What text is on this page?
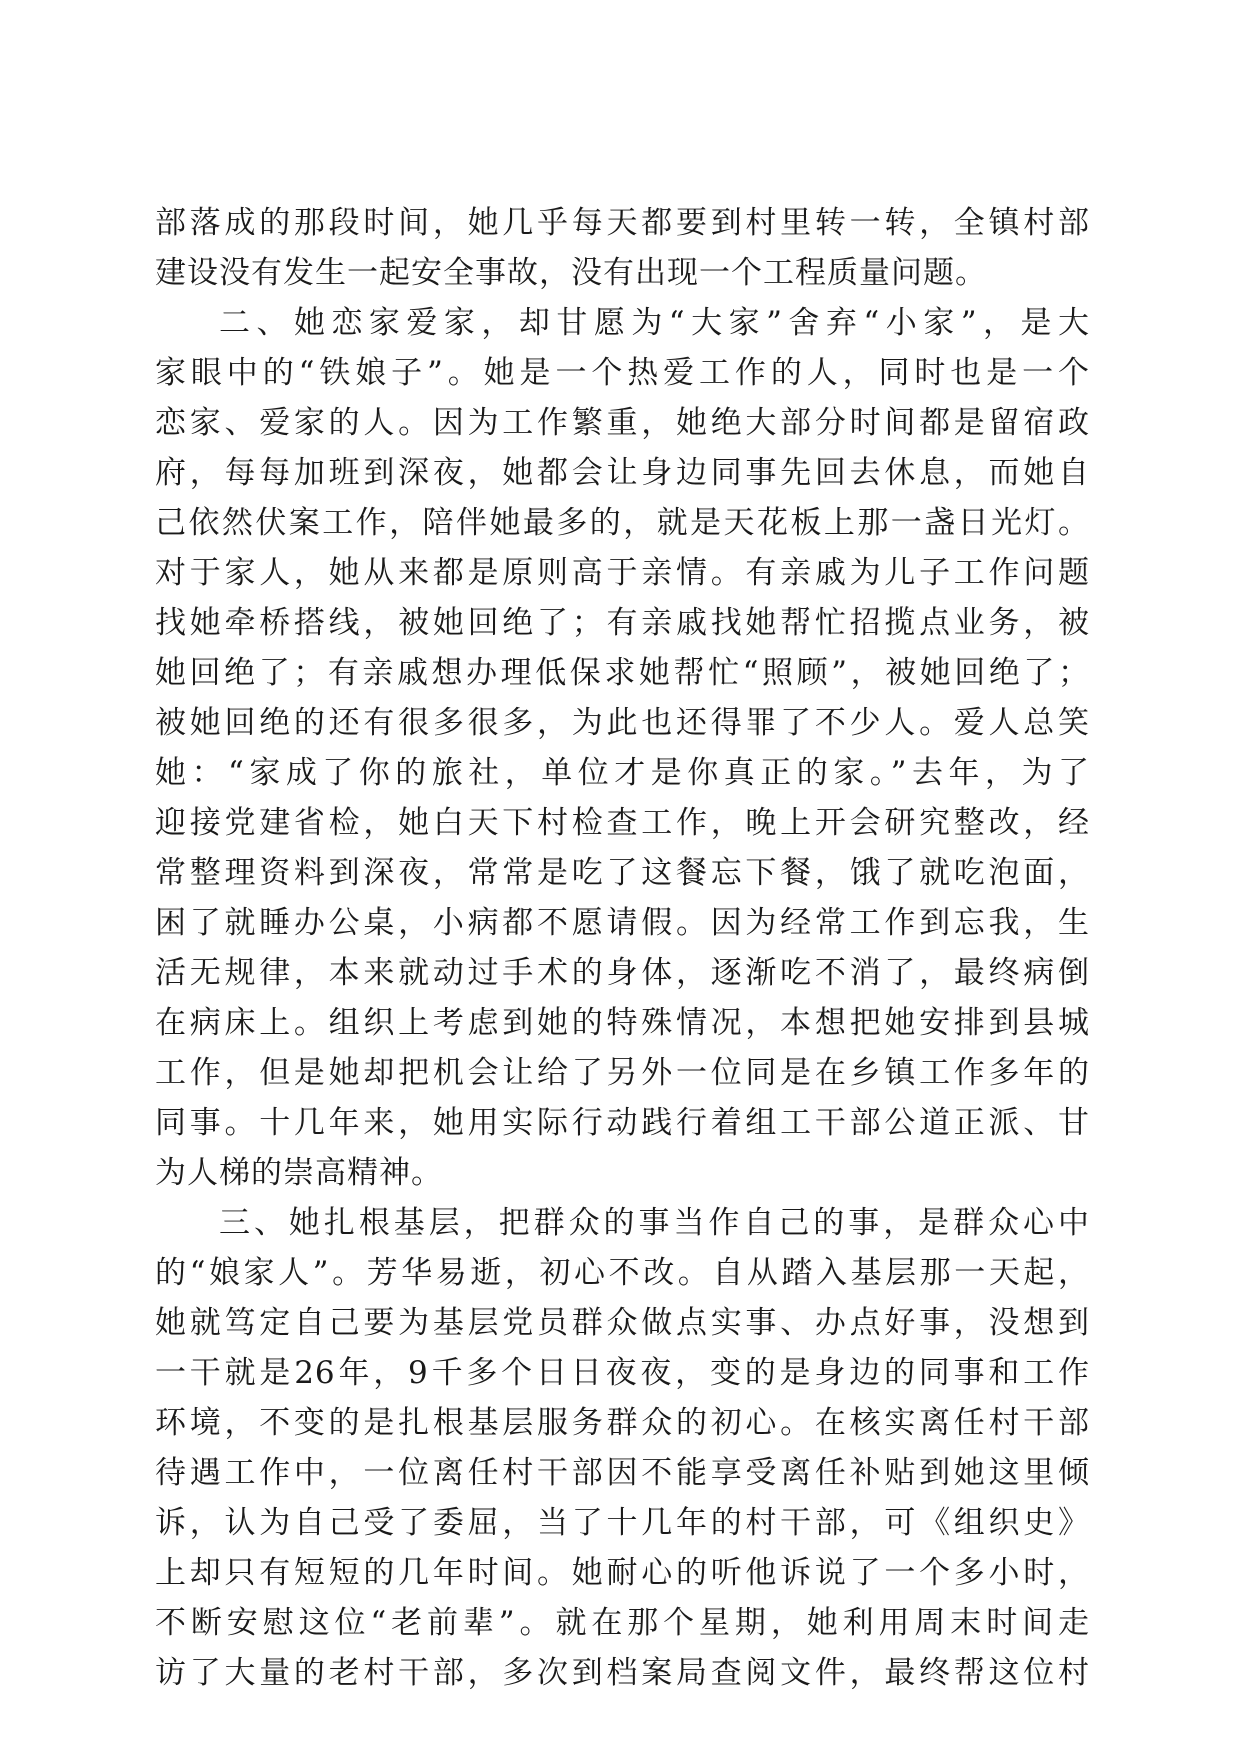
部落成的那段时间，她几乎每天都要到村里转一转，全镇村部
建设没有发生一起安全事故，没有出现一个工程质量问题。
二、她恋家爱家，却甘愿为“大家”舍弃“小家”，是大
家眼中的“铁娘子”。她是一个热爱工作的人，同时也是一个
恋家、爱家的人。因为工作繁重，她绝大部分时间都是留宿政
府，每每加班到深夜，她都会让身边同事先回去休息，而她自
己依然伏案工作，陪伴她最多的，就是天花板上那一盏日光灯。
对于家人，她从来都是原则高于亲情。有亲戚为儿子工作问题
找她牵桥搭线，被她回绝了；有亲戚找她帮忙招揽点业务，被
她回绝了；有亲戚想办理低保求她帮忙“照顾”，被她回绝了；
被她回绝的还有很多很多，为此也还得罪了不少人。爱人总笑
她：“家成了你的旅社，单位才是你真正的家。”去年，为了
迎接党建省检，她白天下村检查工作，晚上开会研究整改，经
常整理资料到深夜，常常是吃了这餐忘下餐，饿了就吃泡面，
困了就睡办公桌，小病都不愿请假。因为经常工作到忘我，生
活无规律，本来就动过手术的身体，逐渐吃不消了，最终病倒
在病床上。组织上考虑到她的特殊情况，本想把她安排到县城
工作，但是她却把机会让给了另外一位同是在乡镇工作多年的
同事。十几年来，她用实际行动践行着组工干部公道正派、甘
为人梯的崇高精神。
三、她扎根基层，把群众的事当作自己的事，是群众心中
的“娘家人”。芳华易逝，初心不改。自从踏入基层那一天起，
她就笃定自己要为基层党员群众做点实事、办点好事，没想到
一干就是26年，9千多个日日夜夜，变的是身边的同事和工作
环境，不变的是扎根基层服务群众的初心。在核实离任村干部
待遇工作中，一位离任村干部因不能享受离任补贴到她这里倾
诉，认为自己受了委屈，当了十几年的村干部，可《组织史》
上却只有短短的几年时间。她耐心的听他诉说了一个多小时，
不断安慰这位“老前辈”。就在那个星期，她利用周末时间走
访了大量的老村干部，多次到档案局查阅文件，最终帮这位村
